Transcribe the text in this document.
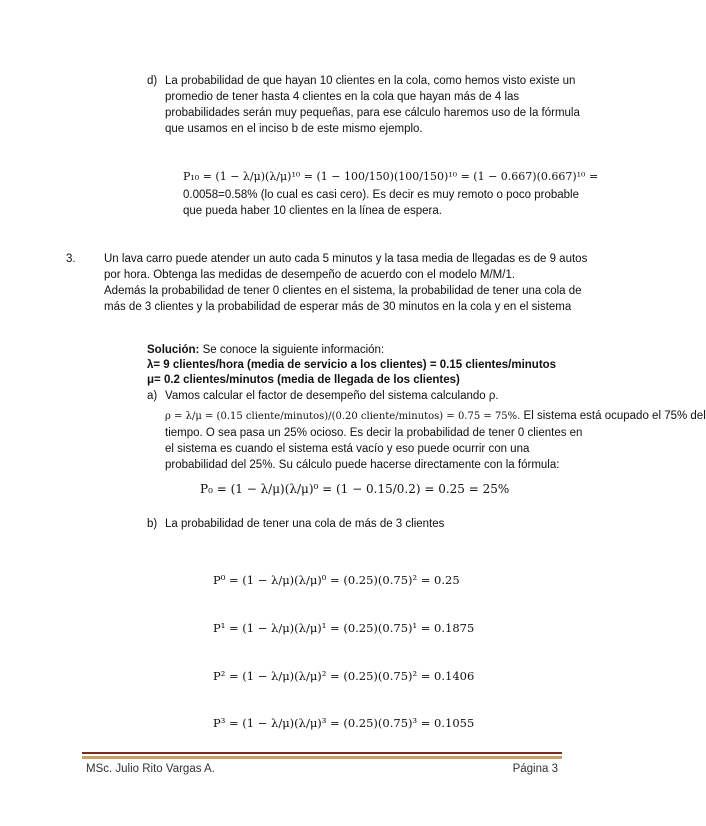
d) La probabilidad de que hayan 10 clientes en la cola, como hemos visto existe un
promedio de tener hasta 4 clientes en la cola que hayan más de 4 las
probabilidades serán muy pequeñas, para ese cálculo haremos uso de la fórmula
que usamos en el inciso b de este mismo ejemplo.
P₁₀ = (1 − λ/μ)(λ/μ)¹⁰ = (1 − 100/150)(100/150)¹⁰ = (1 − 0.667)(0.667)¹⁰ =
0.0058=0.58% (lo cual es casi cero). Es decir es muy remoto o poco probable
que pueda haber 10 clientes en la línea de espera.
3. Un lava carro puede atender un auto cada 5 minutos y la tasa media de llegadas es de 9 autos
por hora. Obtenga las medidas de desempeño de acuerdo con el modelo M/M/1.
Además la probabilidad de tener 0 clientes en el sistema, la probabilidad de tener una cola de
más de 3 clientes y la probabilidad de esperar más de 30 minutos en la cola y en el sistema
Solución: Se conoce la siguiente información:
λ= 9 clientes/hora (media de servicio a los clientes) = 0.15 clientes/minutos
μ= 0.2 clientes/minutos (media de llegada de los clientes)
a) Vamos calcular el factor de desempeño del sistema calculando ρ.
ρ = λ/μ = (0.15 cliente/minutos)/(0.20 cliente/minutos) = 0.75 = 75%. El sistema está ocupado el 75% del
tiempo. O sea pasa un 25% ocioso. Es decir la probabilidad de tener 0 clientes en
el sistema es cuando el sistema está vacío y eso puede ocurrir con una
probabilidad del 25%. Su cálculo puede hacerse directamente con la fórmula:
P₀ = (1 − λ/μ)(λ/μ)⁰ = (1 − 0.15/0.2) = 0.25 = 25%
b) La probabilidad de tener una cola de más de 3 clientes
P⁰ = (1 − λ/μ)(λ/μ)⁰ = (0.25)(0.75)² = 0.25
P¹ = (1 − λ/μ)(λ/μ)¹ = (0.25)(0.75)¹ = 0.1875
P² = (1 − λ/μ)(λ/μ)² = (0.25)(0.75)² = 0.1406
P³ = (1 − λ/μ)(λ/μ)³ = (0.25)(0.75)³ = 0.1055
MSc. Julio Rito Vargas A.	Página 3
